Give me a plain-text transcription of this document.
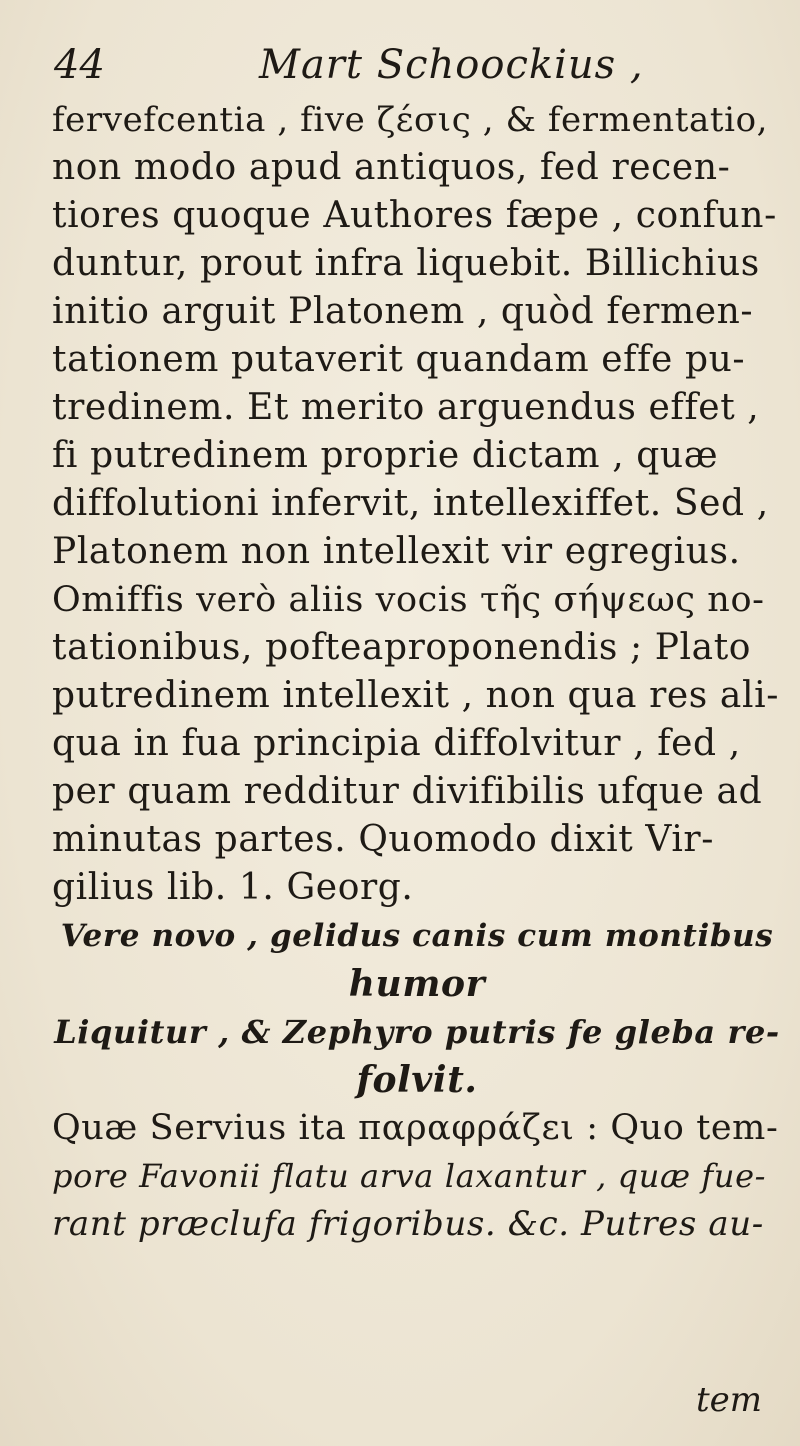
44	Mart Schoockius ,
fervefcentia , five ζέσις , & fermentatio,
non modo apud antiquos, fed recen-
tiores quoque Authores fæpe , confun-
duntur, prout infra liquebit. Billichius
initio arguit Platonem , quòd fermen-
tationem putaverit quandam effe pu-
tredinem. Et merito arguendus effet ,
fi putredinem proprie dictam , quæ
diffolutioni infervit, intellexiffet. Sed ,
Platonem non intellexit vir egregius.
Omiffis verò aliis vocis τῆς σήψεως no-
tationibus, pofteaproponendis ; Plato
putredinem intellexit , non qua res ali-
qua in fua principia diffolvitur , fed ,
per quam redditur divifibilis ufque ad
minutas partes. Quomodo dixit Vir-
gilius lib. 1. Georg.
Vere novo , gelidus canis cum montibus
humor
Liquitur , & Zephyro putris fe gleba re-
folvit.
Quæ Servius ita παραφράζει : Quo tem-
pore Favonii flatu arva laxantur , quæ fue-
rant præclufa frigoribus. &c. Putres au-
tem
